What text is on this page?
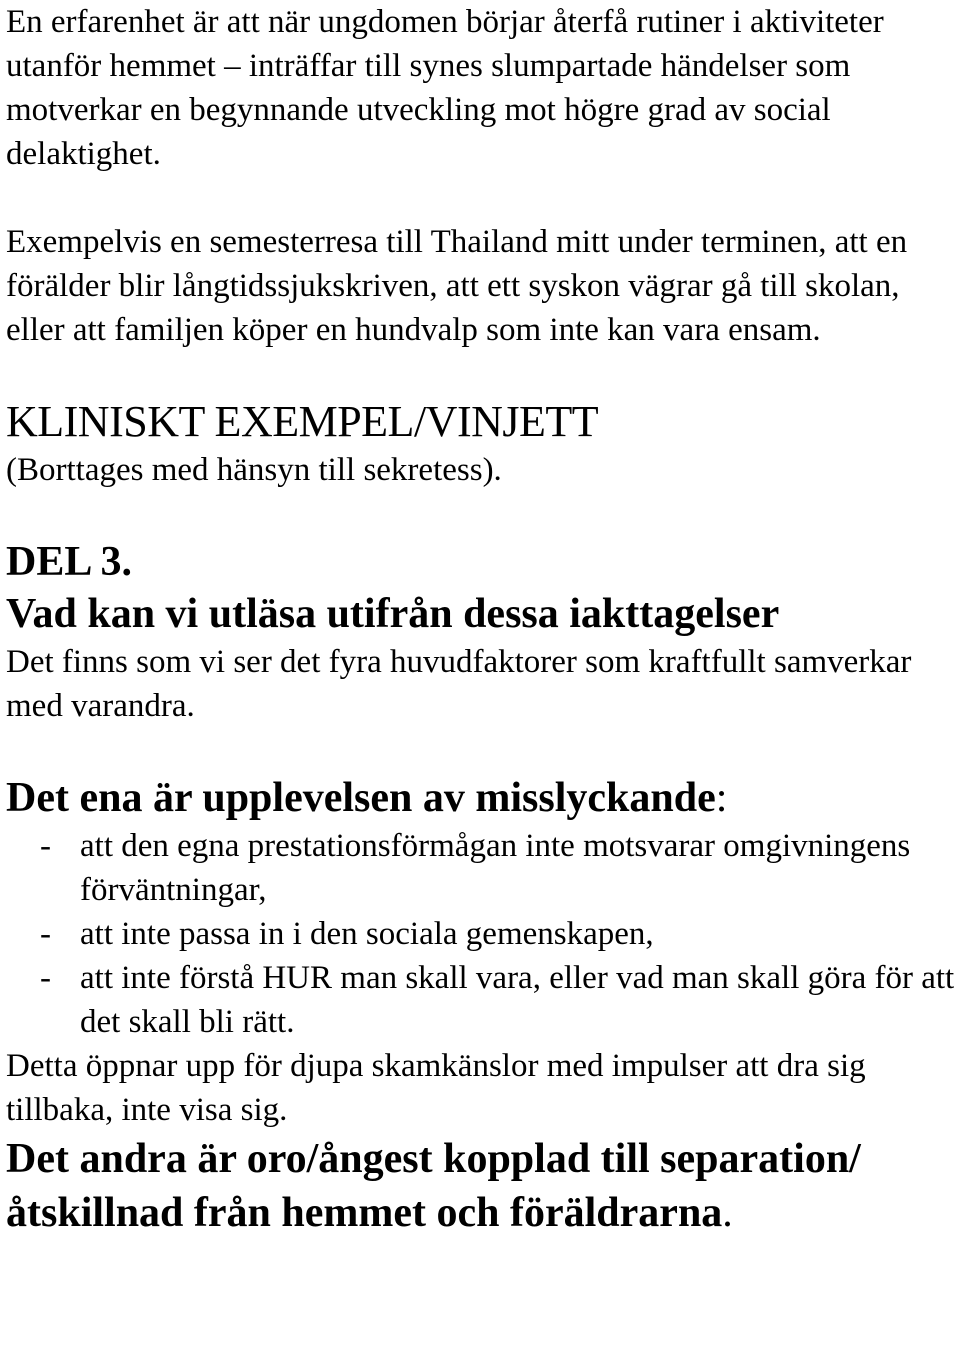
En erfarenhet är att när ungdomen börjar återfå rutiner i aktiviteter utanför hemmet – inträffar till synes slumpartade händelser som motverkar en begynnande utveckling mot högre grad av social delaktighet.

Exempelvis en semesterresa till Thailand mitt under terminen, att en förälder blir långtidssjukskriven, att ett syskon vägrar gå till skolan, eller att familjen köper en hundvalp som inte kan vara ensam.

KLINISKT EXEMPEL/VINJETT

(Borttages med hänsyn till sekretess).

DEL 3.
Vad kan vi utläsa utifrån dessa iakttagelser

Det finns som vi ser det fyra huvudfaktorer som kraftfullt samverkar med varandra.

Det ena är upplevelsen av misslyckande:
- att den egna prestationsförmågan inte motsvarar omgivningens förväntningar,
- att inte passa in i den sociala gemenskapen,
- att inte förstå HUR man skall vara, eller vad man skall göra för att det skall bli rätt.

Detta öppnar upp för djupa skamkänslor med impulser att dra sig tillbaka, inte visa sig.

Det andra är oro/ångest kopplad till separation/åtskillnad från hemmet och föräldrarna.
